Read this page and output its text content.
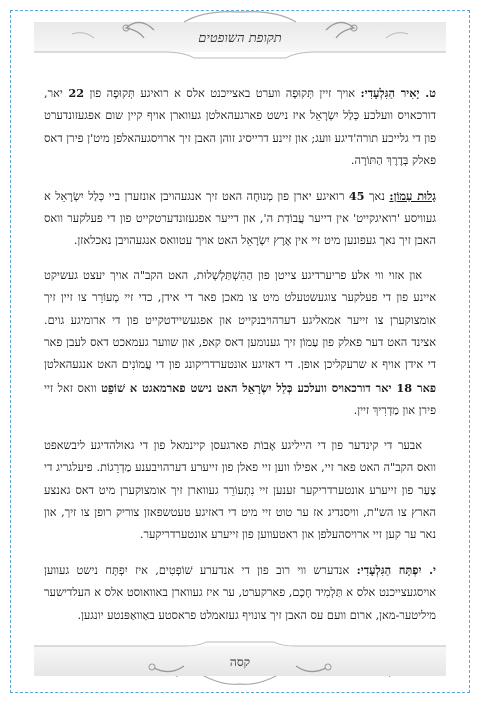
תקופת השופטים

ט. יָאִיר הַגִּלְעָדִי: אויך זיין תְּקוּפָה ווערט באצייכנט אלס א רואיגע תְּקוּפָה פון 22 יאר, דורכאויס וועלכע כְּלַל יִשְׂרָאֵל איז נישט פארגעהאלטן געווארן אויף קיין שום אפגעזונדערט פון די גלייכע תורה'דיגע וועג; און זיינע דרייסיג זוהן האבן זיך ארויסגעהאלפן מיט'ן פירן דאס פאלק בְּדֶרֶךְ הַתּוֹרָה.

גָלוּת עַמוֹן: נאך 45 רואיגע יארן פון מְנוּחָה האט זיך אנגעהויבן אונזערן ביי כְּלַל יִשְׂרָאֵל א געוויסע 'רואיגקייט' אין דייער עֲבוֹדַת ה', און דייער אפגעזונדערטקייט פון די פעלקער וואס האבן זיך נאך געפונען מיט זיי אין אֶרֶץ יִשְׂרָאֵל האט אויך עטוואס אנגעהויבן נאכלאזן.

און אזוי ווי אלע פריערדיגע צייטן פון הַהִשְׁתַּלְשְׁלוּת, האט הקב"ה אויך יעצט געשיקט איינע פון די פעלקער צוגעשטעלט מיט צו מאכן פאר די אידן, כדי זיי מְעוֹרֵר צו זיין זיך אומצוקערן צו זייער אמאליגע דערהויבנקייט און אפגעשיידטקייט פון די ארומיגע גוים. אצינד האט דער פאלק פון עַמוֹן זיך גענומען דאס קאפ, און שווער געמאכט דאס לעבן פאר די אידן אויף א שרעקליכן אופן. די דאזיגע אונטערדריקונג פון די עֲמוֹנִים האט אנגעהאלטן פאר 18 יאר דורכאויס וועלכע כְּלַל יִשְׂרָאֵל האט נישט פארמאגט א שׁוֹפֵט וואס זאל זיי פירן און מַדְרִיךְ זיין.

אבער די קינדער פון די הייליגע אָבוֹת פארגעסן קיינמאל פון די גאולהדיגע ליבשאפט וואס הקב"ה האט פאר זיי, אפילו ווען זיי פאלן פון זייערע דערהויבענע מַדְרֵגוֹת. פיעלגריג די צַעַר פון זייערע אונטערדריקער זענען זיי נִתְעוֹרֵר געווארן זיך אומצוקערן מיט דאס גאנצע הארץ צו הש"ת, וויסנדיג אז ער טוט זיי מיט די דאזיגע טעטשפאזן צוריק רופן צו זיך, און נאר ער קען זיי ארויסהעלפן און ראטעווען פון זייערע אונטערדריקער.

י. יִפְתָּח הַגִּלְעָדִי: אנדערש ווי רוב פון די אנדערע שׁוֹפְטִים, איז יִפְתָּח נישט געווען אויסגעצייכנט אלס א תַּלְמִיד חָכָם, פארקערט, ער איז געווארן באוואוסט אלס א העלדישער מיליטער-מאן, ארום וועם עס האבן זיך צונויף געזאמלט פראסטע באַוואַפּנטע יונגען.

קסה
